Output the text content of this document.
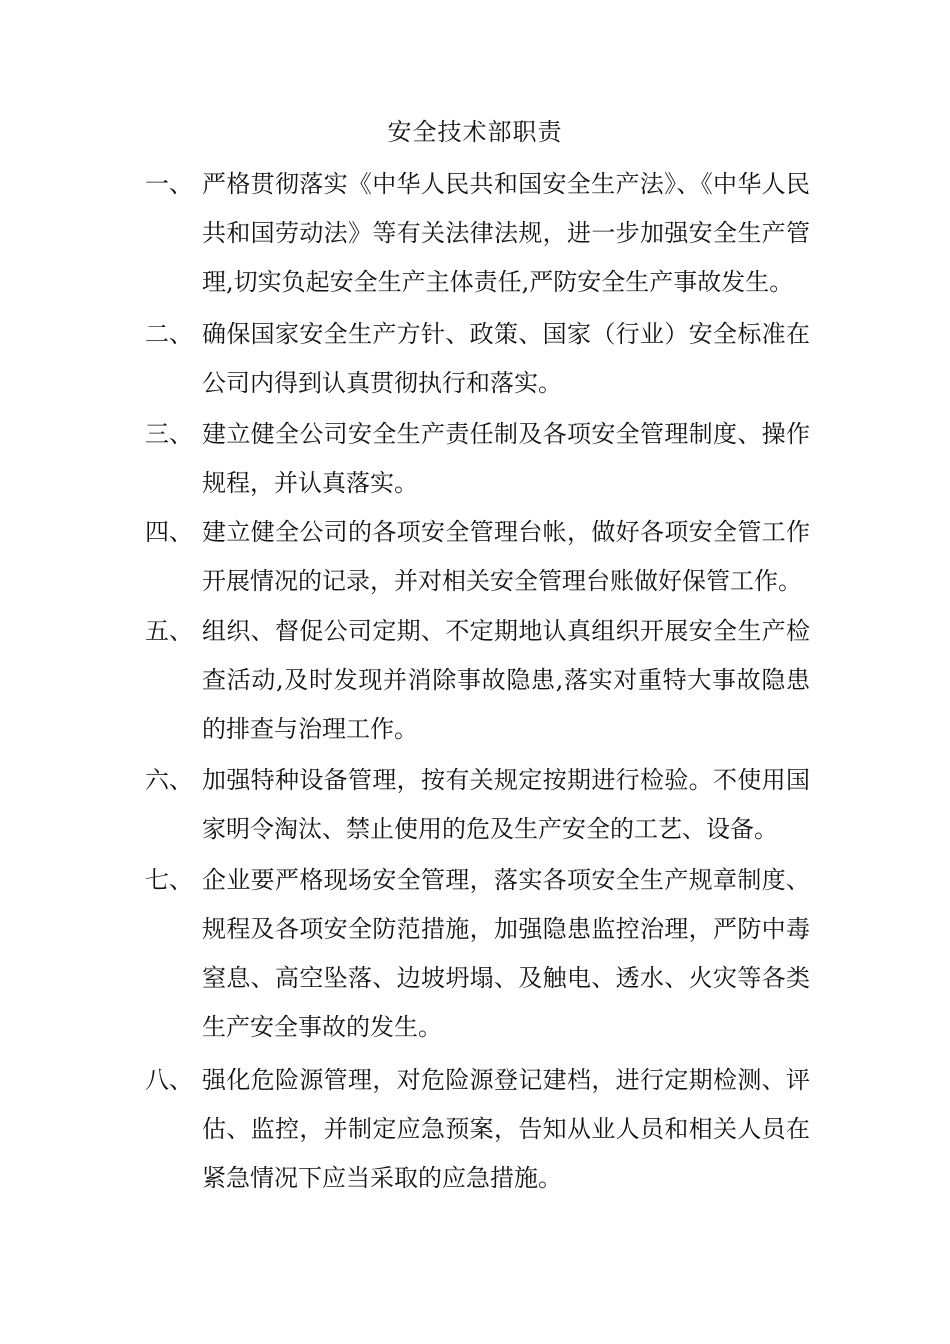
安全技术部职责
一、 严格贯彻落实《中华人民共和国安全生产法》、《中华人民共和国劳动法》等有关法律法规，进一步加强安全生产管理,切实负起安全生产主体责任,严防安全生产事故发生。
二、 确保国家安全生产方针、政策、国家（行业）安全标准在公司内得到认真贯彻执行和落实。
三、 建立健全公司安全生产责任制及各项安全管理制度、操作规程，并认真落实。
四、 建立健全公司的各项安全管理台帐，做好各项安全管工作开展情况的记录，并对相关安全管理台账做好保管工作。
五、 组织、督促公司定期、不定期地认真组织开展安全生产检查活动,及时发现并消除事故隐患,落实对重特大事故隐患的排查与治理工作。
六、 加强特种设备管理，按有关规定按期进行检验。不使用国家明令淘汰、禁止使用的危及生产安全的工艺、设备。
七、 企业要严格现场安全管理，落实各项安全生产规章制度、规程及各项安全防范措施，加强隐患监控治理，严防中毒窒息、高空坠落、边坡坍塌、及触电、透水、火灾等各类生产安全事故的发生。
八、 强化危险源管理，对危险源登记建档，进行定期检测、评估、监控，并制定应急预案，告知从业人员和相关人员在紧急情况下应当采取的应急措施。
